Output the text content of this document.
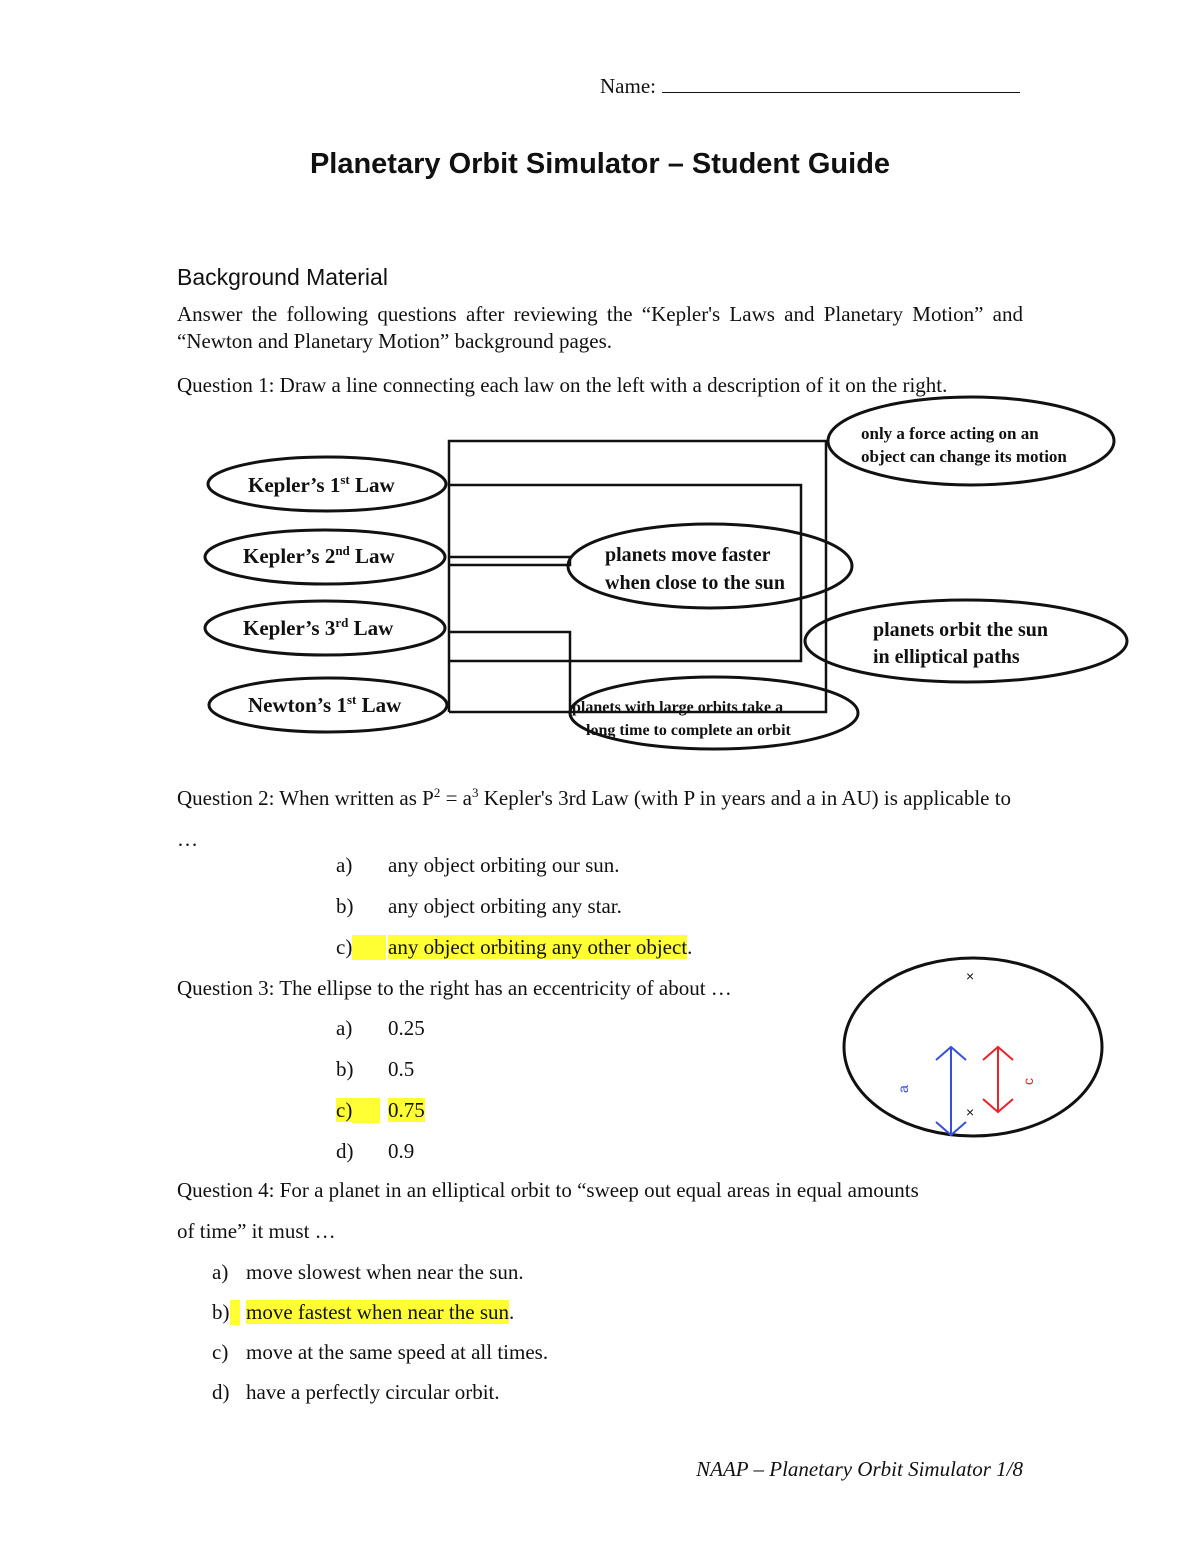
Name:
Planetary Orbit Simulator – Student Guide
Background Material
Answer the following questions after reviewing the “Kepler's Laws and Planetary Motion” and “Newton and Planetary Motion” background pages.
Question 1: Draw a line connecting each law on the left with a description of it on the right.
Kepler’s 1st Law
Kepler’s 2nd Law
Kepler’s 3rd Law
Newton’s 1st Law
only a force acting on an
object can change its motion
planets move faster
when close to the sun
planets orbit the sun
in elliptical paths
planets with large orbits take a
long time to complete an orbit
Question 2: When written as $P^2 = a^3$ Kepler's 3rd Law (with P in years and a in AU) is applicable to …
a) any object orbiting our sun.
b) any object orbiting any star.
c)	any object orbiting any other object.
Question 3: The ellipse to the right has an eccentricity of about …
a) 0.25
b) 0.5
c)	0.75
d) 0.9
×
×
a
c
Question 4: For a planet in an elliptical orbit to “sweep out equal areas in equal amounts
of time” it must …
a) move slowest when near the sun.
b) move fastest when near the sun.
c) move at the same speed at all times.
d) have a perfectly circular orbit.
NAAP – Planetary Orbit Simulator 1/8
